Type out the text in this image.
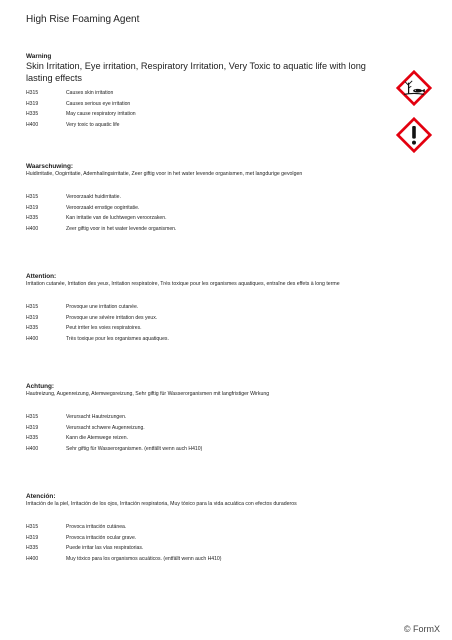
High Rise Foaming Agent
Warning
Skin Irritation, Eye irritation, Respiratory Irritation, Very Toxic to aquatic life with long lasting effects
H315	Causes skin irritation
H319	Causes serious eye irritation
H335	May cause respiratory irritation
H400	Very toxic to aquatic life
Waarschuwing:
Huidirritatie, Oogirritatie, Ademhalingsirritatie, Zeer giftig voor in het water levende organismen, met langdurige gevolgen
H315	Veroorzaakt huidirritatie.
H319	Veroorzaakt ernstige oogirritatie.
H335	Kan irritatie van de luchtwegen veroorzaken.
H400	Zeer giftig voor in het water levende organismen.
Attention:
Irritation cutanée, Irritation des yeux, Irritation respiratoire, Très toxique pour les organismes aquatiques, entraîne des effets à long terme
H315	Provoque une irritation cutanée.
H319	Provoque une sévère irritation des yeux.
H335	Peut irriter les voies respiratoires.
H400	Très toxique pour les organismes aquatiques.
Achtung:
Hautreizung, Augenreizung, Atemwegsreizung, Sehr giftig für Wasserorganismen mit langfristiger Wirkung
H315	Verursacht Hautreizungen.
H319	Verursacht schwere Augenreizung.
H335	Kann die Atemwege reizen.
H400	Sehr giftig für Wasserorganismen. (entfällt wenn auch H410)
Atención:
Irritación de la piel, Irritación de los ojos, Irritación respiratoria, Muy tóxico para la vida acuática con efectos duraderos
H315	Provoca irritación cutánea.
H319	Provoca irritación ocular grave.
H335	Puede irritar las vías respiratorias.
H400	Muy tóxico para los organismos acuáticos. (entfällt wenn auch H410)

© FormX
